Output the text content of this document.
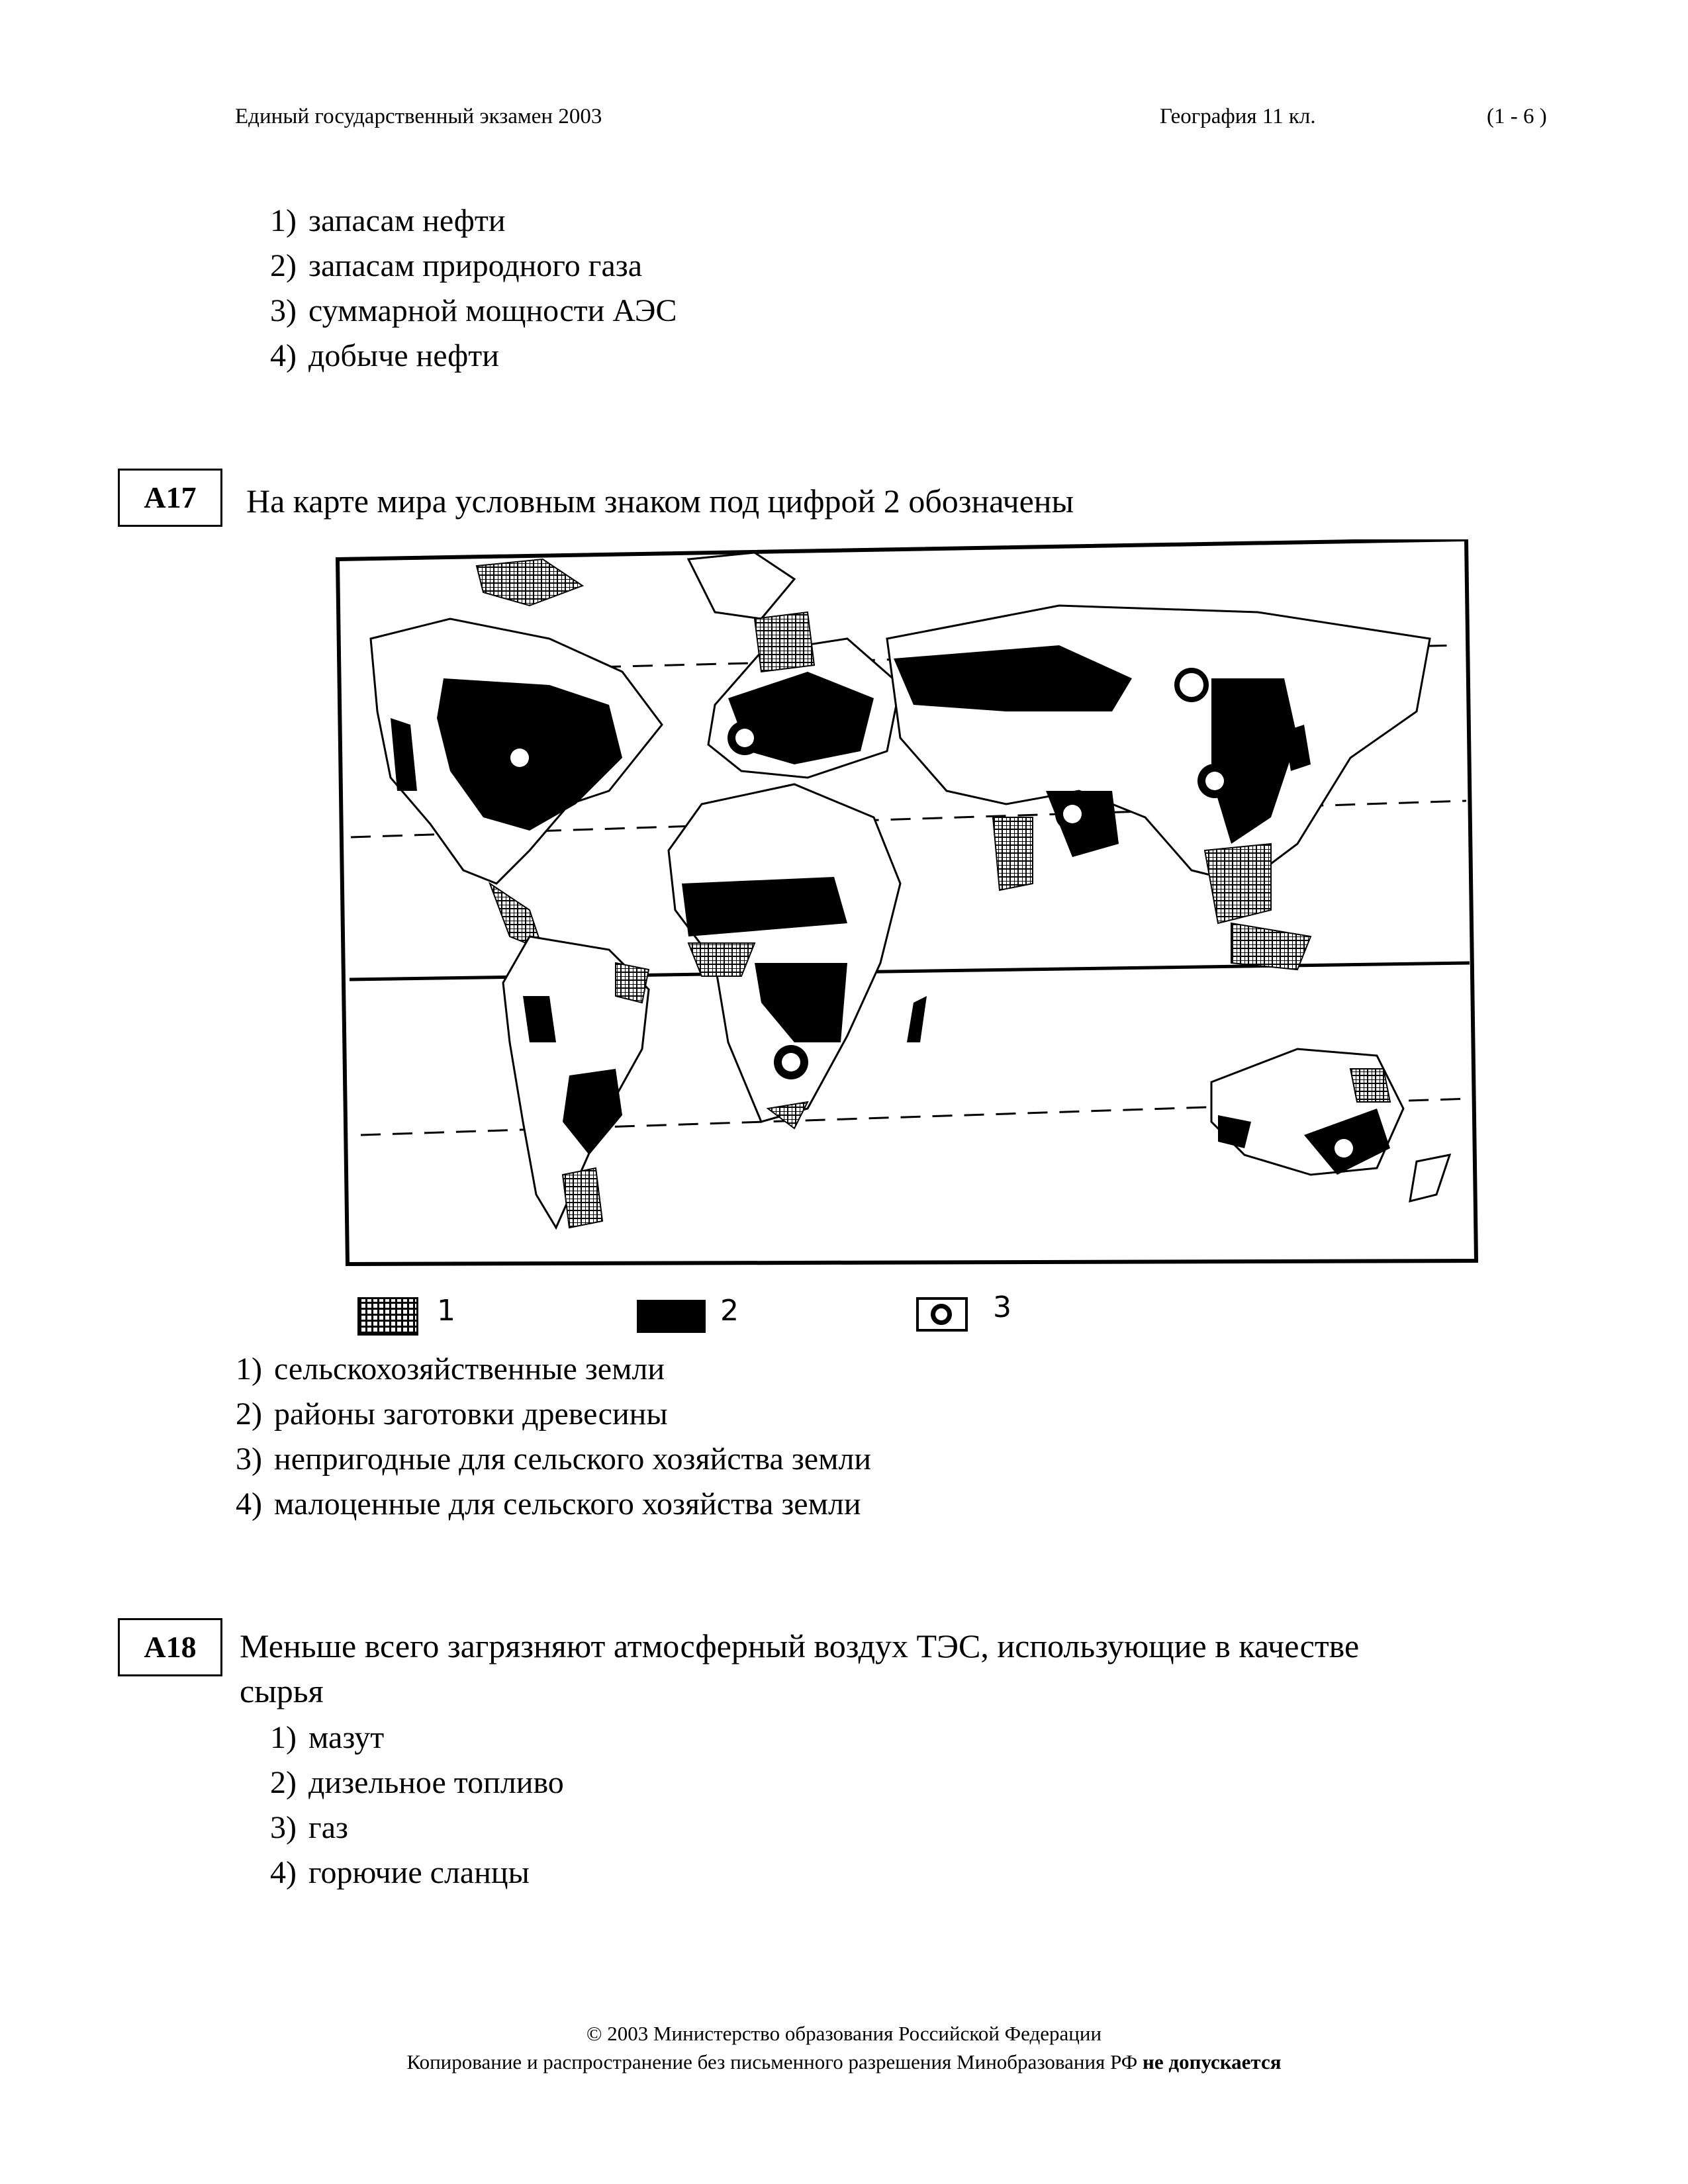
Единый государственный экзамен 2003	География 11 кл.	(1 - 6 )
1) запасам нефти
2) запасам природного газа
3) суммарной мощности АЭС
4) добыче нефти
A17	На карте мира условным знаком под цифрой 2 обозначены
1	2	3
1) сельскохозяйственные земли
2) районы заготовки древесины
3) непригодные для сельского хозяйства земли
4) малоценные для сельского хозяйства земли
A18	Меньше всего загрязняют атмосферный воздух ТЭС, использующие в качестве
сырья
1) мазут
2) дизельное топливо
3) газ
4) горючие сланцы
© 2003 Министерство образования Российской Федерации
Копирование и распространение без письменного разрешения Минобразования РФ не допускается
